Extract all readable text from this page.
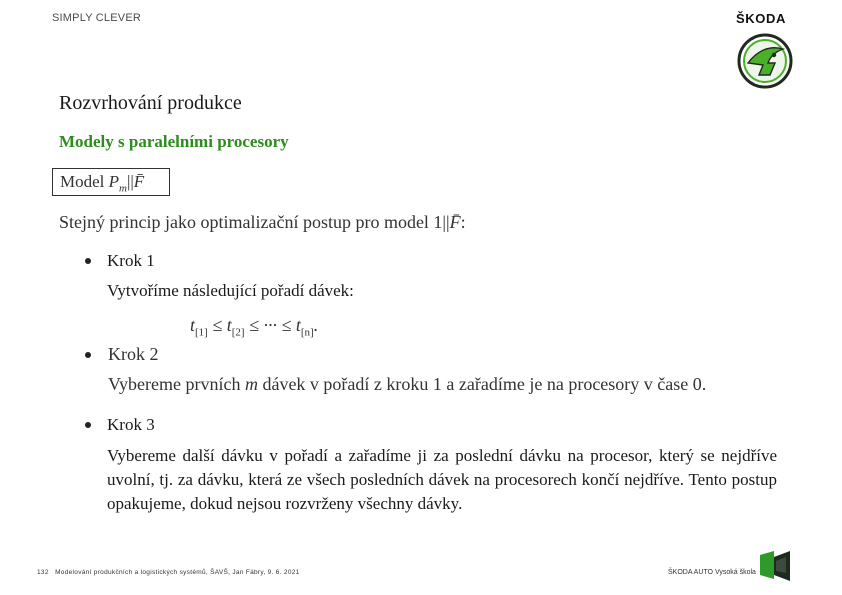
SIMPLY CLEVER	ŠKODA
Rozvrhování produkce
Modely s paralelními procesory
Model $P_m||F̄$
Stejný princip jako optimalizační postup pro model 1||F̄:
Krok 1
Vytvoříme následující pořadí dávek:
$t_{[1]} \le t_{[2]}$ ≤ ··· ≤ $t_{[n]}$.
Krok 2
Vybereme prvních m dávek v pořadí z kroku 1 a zařadíme je na procesory v čase 0.
Krok 3
Vybereme další dávku v pořadí a zařadíme ji za poslední dávku na procesor, který se nejdříve uvolní, tj. za dávku, která ze všech posledních dávek na procesorech končí nejdříve. Tento postup opakujeme, dokud nejsou rozvrženy všechny dávky.
132 Modelování produkčních a logistických systémů, ŠAVŠ, Jan Fábry, 9. 6. 2021	ŠKODA AUTO Vysoká škola
